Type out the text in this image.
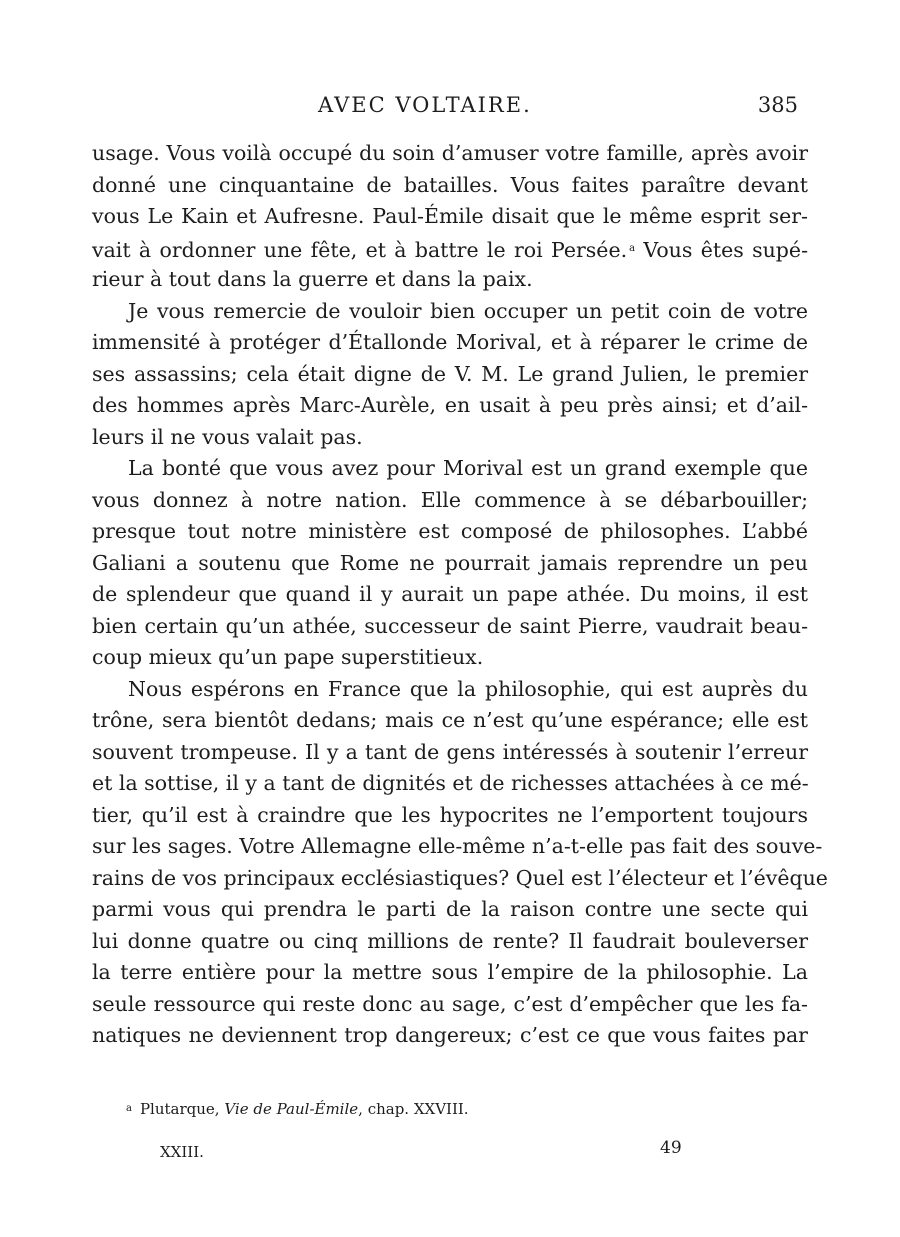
AVEC VOLTAIRE.	385
usage. Vous voilà occupé du soin d’amuser votre famille, après avoir
donné une cinquantaine de batailles. Vous faites paraître devant
vous Le Kain et Aufresne. Paul-Émile disait que le même esprit ser-
vait à ordonner une fête, et à battre le roi Persée. $^a$ Vous êtes supé-
rieur à tout dans la guerre et dans la paix.
Je vous remercie de vouloir bien occuper un petit coin de votre
immensité à protéger d’Étallonde Morival, et à réparer le crime de
ses assassins; cela était digne de V. M. Le grand Julien, le premier
des hommes après Marc-Aurèle, en usait à peu près ainsi; et d’ail-
leurs il ne vous valait pas.
La bonté que vous avez pour Morival est un grand exemple que
vous donnez à notre nation. Elle commence à se débarbouiller;
presque tout notre ministère est composé de philosophes. L’abbé
Galiani a soutenu que Rome ne pourrait jamais reprendre un peu
de splendeur que quand il y aurait un pape athée. Du moins, il est
bien certain qu’un athée, successeur de saint Pierre, vaudrait beau-
coup mieux qu’un pape superstitieux.
Nous espérons en France que la philosophie, qui est auprès du
trône, sera bientôt dedans; mais ce n’est qu’une espérance; elle est
souvent trompeuse. Il y a tant de gens intéressés à soutenir l’erreur
et la sottise, il y a tant de dignités et de richesses attachées à ce mé-
tier, qu’il est à craindre que les hypocrites ne l’emportent toujours
sur les sages. Votre Allemagne elle-même n’a-t-elle pas fait des souve-
rains de vos principaux ecclésiastiques? Quel est l’électeur et l’évêque
parmi vous qui prendra le parti de la raison contre une secte qui
lui donne quatre ou cinq millions de rente? Il faudrait bouleverser
la terre entière pour la mettre sous l’empire de la philosophie. La
seule ressource qui reste donc au sage, c’est d’empêcher que les fa-
natiques ne deviennent trop dangereux; c’est ce que vous faites par
$^a$ Plutarque, Vie de Paul-Émile, chap. XXVIII.
XXIII.	49
